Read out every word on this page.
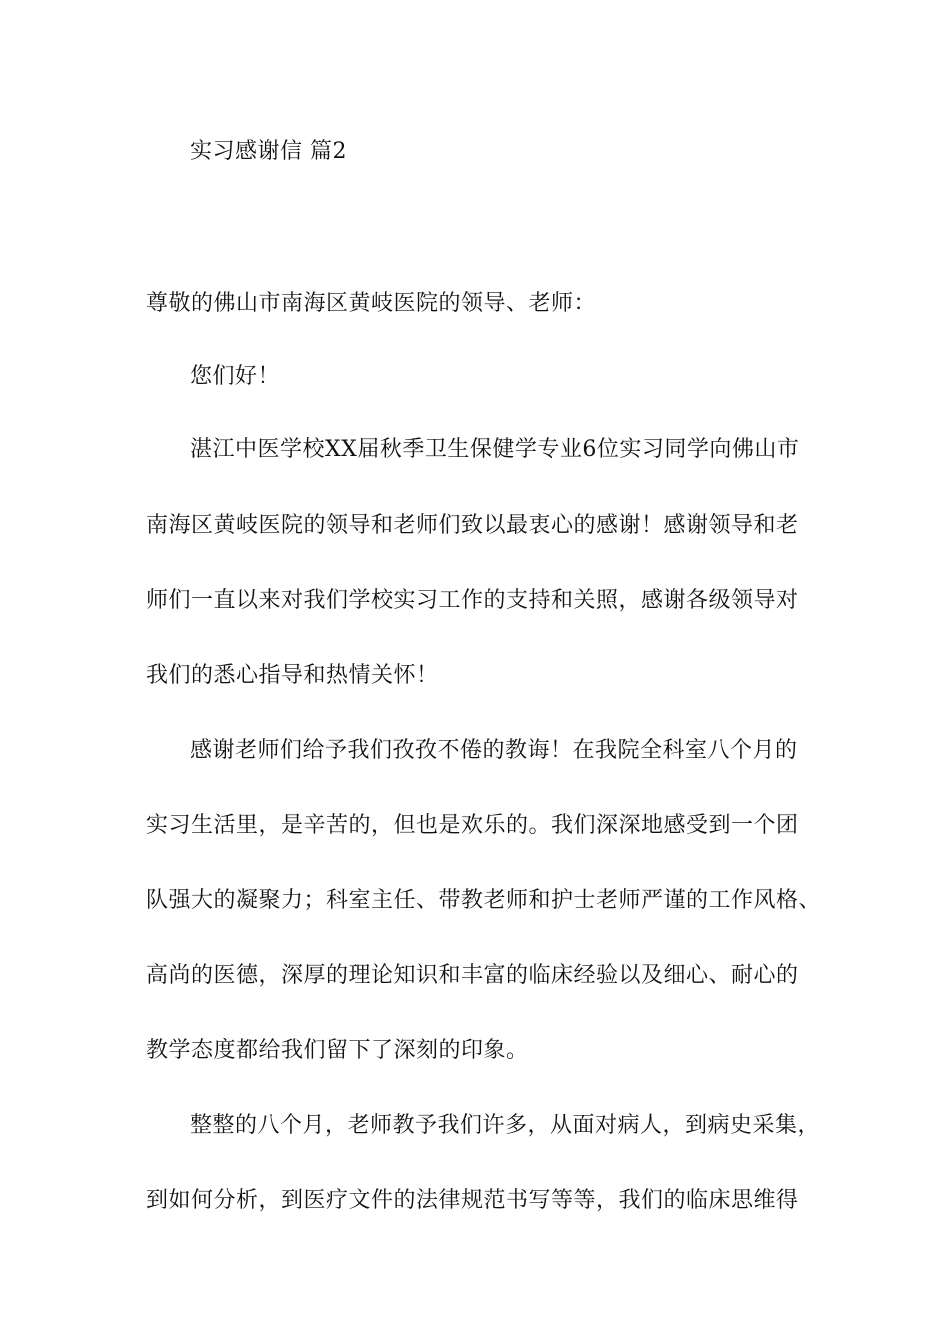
实习感谢信 篇2
尊敬的佛山市南海区黄岐医院的领导、老师：
您们好！
湛江中医学校XX届秋季卫生保健学专业6位实习同学向佛山市
南海区黄岐医院的领导和老师们致以最衷心的感谢！感谢领导和老
师们一直以来对我们学校实习工作的支持和关照，感谢各级领导对
我们的悉心指导和热情关怀！
感谢老师们给予我们孜孜不倦的教诲！在我院全科室八个月的
实习生活里，是辛苦的，但也是欢乐的。我们深深地感受到一个团
队强大的凝聚力；科室主任、带教老师和护士老师严谨的工作风格、
高尚的医德，深厚的理论知识和丰富的临床经验以及细心、耐心的
教学态度都给我们留下了深刻的印象。
整整的八个月，老师教予我们许多，从面对病人，到病史采集，
到如何分析，到医疗文件的法律规范书写等等，我们的临床思维得
